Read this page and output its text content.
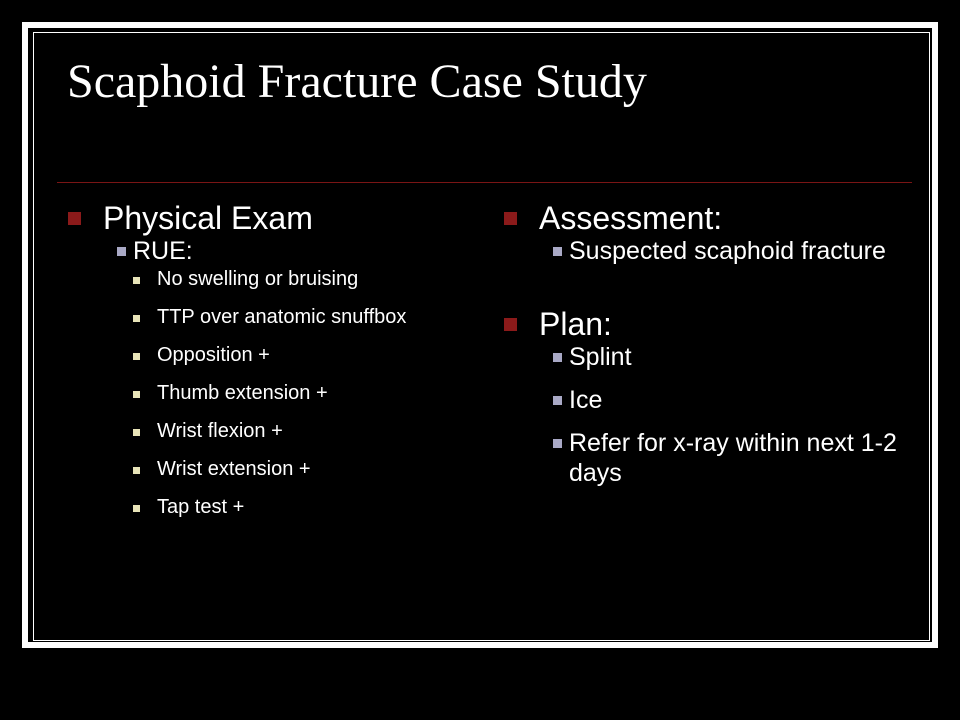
Scaphoid Fracture Case Study
Physical Exam
RUE:
No swelling or bruising
TTP over anatomic snuffbox
Opposition +
Thumb extension +
Wrist flexion +
Wrist extension +
Tap test +
Assessment:
Suspected scaphoid fracture
Plan:
Splint
Ice
Refer for x-ray within next 1-2 days
